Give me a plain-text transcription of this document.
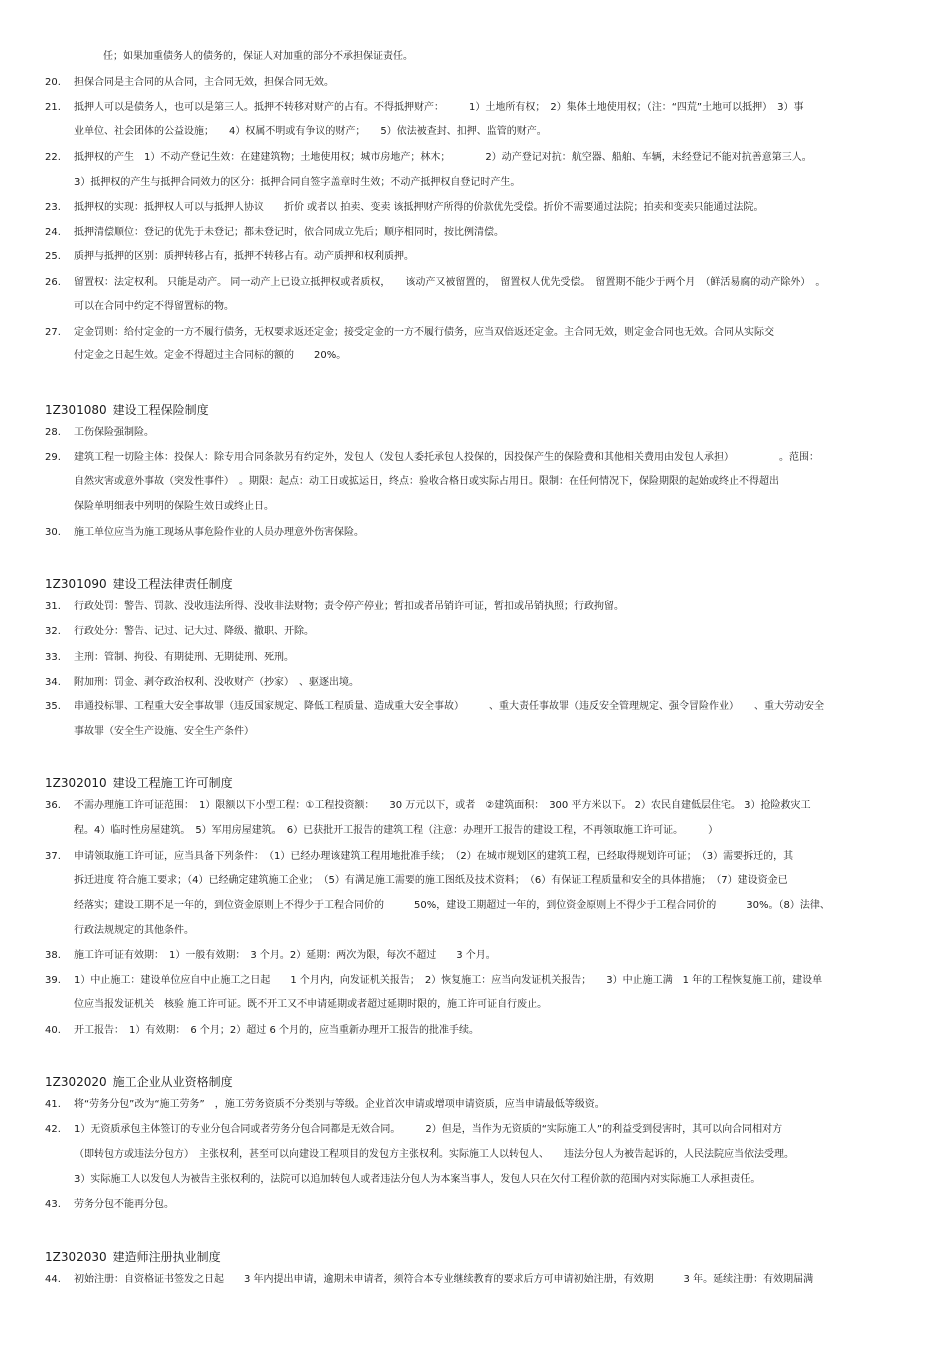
任；如果加重债务人的债务的，保证人对加重的部分不承担保证责任。
20. 担保合同是主合同的从合同，主合同无效，担保合同无效。
21. 抵押人可以是债务人，也可以是第三人。抵押不转移对财产的占有。不得抵押财产：　　　1）土地所有权；　2）集体土地使用权；（注：“四荒”土地可以抵押）　3）事
业单位、社会团体的公益设施；　　4）权属不明或有争议的财产；　　5）依法被查封、扣押、监管的财产。
22. 抵押权的产生　1）不动产登记生效：在建建筑物；土地使用权；城市房地产；林木；　　　　2）动产登记对抗：航空器、船舶、车辆，未经登记不能对抗善意第三人。
3）抵押权的产生与抵押合同效力的区分：抵押合同自签字盖章时生效；不动产抵押权自登记时产生。
23. 抵押权的实现：抵押权人可以与抵押人协议　　折价 或者以 拍卖、变卖 该抵押财产所得的价款优先受偿。折价不需要通过法院；拍卖和变卖只能通过法院。
24. 抵押清偿顺位：登记的优先于未登记；都未登记时，依合同成立先后；顺序相同时，按比例清偿。
25. 质押与抵押的区别：质押转移占有，抵押不转移占有。动产质押和权利质押。
26. 留置权：法定权利。 只能是动产。 同一动产上已设立抵押权或者质权，　　该动产又被留置的，　留置权人优先受偿。　留置期不能少于两个月　（鲜活易腐的动产除外）　。
可以在合同中约定不得留置标的物。
27. 定金罚则：给付定金的一方不履行债务，无权要求返还定金；接受定金的一方不履行债务，应当双倍返还定金。主合同无效，则定金合同也无效。合同从实际交
付定金之日起生效。定金不得超过主合同标的额的　　20%。
1Z301080 建设工程保险制度
28. 工伤保险强制险。
29. 建筑工程一切险主体：投保人：除专用合同条款另有约定外，发包人（发包人委托承包人投保的，因投保产生的保险费和其他相关费用由发包人承担）　　　　　。范围：
自然灾害或意外事故（突发性事件）　。期限：起点：动工日或拡运日，终点：验收合格日或实际占用日。限制：在任何情况下，保险期限的起始或终止不得超出
保险单明细表中列明的保险生效日或终止日。
30. 施工单位应当为施工现场从事危险作业的人员办理意外伤害保险。
1Z301090 建设工程法律责任制度
31. 行政处罚：警告、罚款、没收违法所得、没收非法财物；责令停产停业；暂扣或者吊销许可证，暂扣或吊销执照；行政拘留。
32. 行政处分：警告、记过、记大过、降级、撤职、开除。
33. 主刑：管制、拘役、有期徒刑、无期徒刑、死刑。
34. 附加刑：罚金、剥夺政治权利、没收财产（抄家）　、驱逐出境。
35. 串通投标罪、工程重大安全事故罪（违反国家规定、降低工程质量、造成重大安全事故）　　　、重大责任事故罪（违反安全管理规定、强令冒险作业）　　、重大劳动安全
事故罪（安全生产设施、安全生产条件）
1Z302010 建设工程施工许可制度
36. 不需办理施工许可证范围：　1）限额以下小型工程：①工程投资额：　　30 万元以下，或者　②建筑面积：　300 平方米以下。 2）农民自建低层住宅。 3）抢险救灾工
程。4）临时性房屋建筑。　5）军用房屋建筑。　6）已获批开工报告的建筑工程（注意：办理开工报告的建设工程，不再领取施工许可证。　　　）
37. 申请领取施工许可证，应当具备下列条件：　（1）已经办理该建筑工程用地批准手续；　（2）在城市规划区的建筑工程，已经取得规划许可证；　（3）需要拆迁的，其
拆迁进度 符合施工要求；（4）已经确定建筑施工企业；　（5）有满足施工需要的施工图纸及技术资料；　（6）有保证工程质量和安全的具体措施；　（7）建设资金已
经落实；建设工期不足一年的，到位资金原则上不得少于工程合同价的　　　50%，建设工期超过一年的，到位资金原则上不得少于工程合同价的　　　30%。（8）法律、
行政法规规定的其他条件。
38. 施工许可证有效期：　1）一般有效期：　3 个月。2）延期：两次为限，每次不超过　　3 个月。
39. 1）中止施工：建设单位应自中止施工之日起　　1 个月内，向发证机关报告；　2）恢复施工：应当向发证机关报告；　　3）中止施工满　1 年的工程恢复施工前，建设单
位应当报发证机关　核验 施工许可证。既不开工又不申请延期或者超过延期时限的，施工许可证自行废止。
40. 开工报告：　1）有效期：　6 个月；2）超过 6 个月的，应当重新办理开工报告的批准手续。
1Z302020 施工企业从业资格制度
41. 将“劳务分包”改为“施工劳务”　，施工劳务资质不分类别与等级。企业首次申请或增项申请资质，应当申请最低等级资。
42. 1）无资质承包主体签订的专业分包合同或者劳务分包合同都是无效合同。　　　2）但是，当作为无资质的“实际施工人”的利益受到侵害时，其可以向合同相对方
（即转包方或违法分包方）　主张权利，甚至可以向建设工程项目的发包方主张权利。实际施工人以转包人、　　违法分包人为被告起诉的，人民法院应当依法受理。
3）实际施工人以发包人为被告主张权利的，法院可以追加转包人或者违法分包人为本案当事人，发包人只在欠付工程价款的范围内对实际施工人承担责任。
43. 劳务分包不能再分包。
1Z302030 建造师注册执业制度
44. 初始注册：自资格证书签发之日起　　3 年内提出申请，逾期未申请者，须符合本专业继续教育的要求后方可申请初始注册，有效期　　　3 年。延续注册：有效期届满
